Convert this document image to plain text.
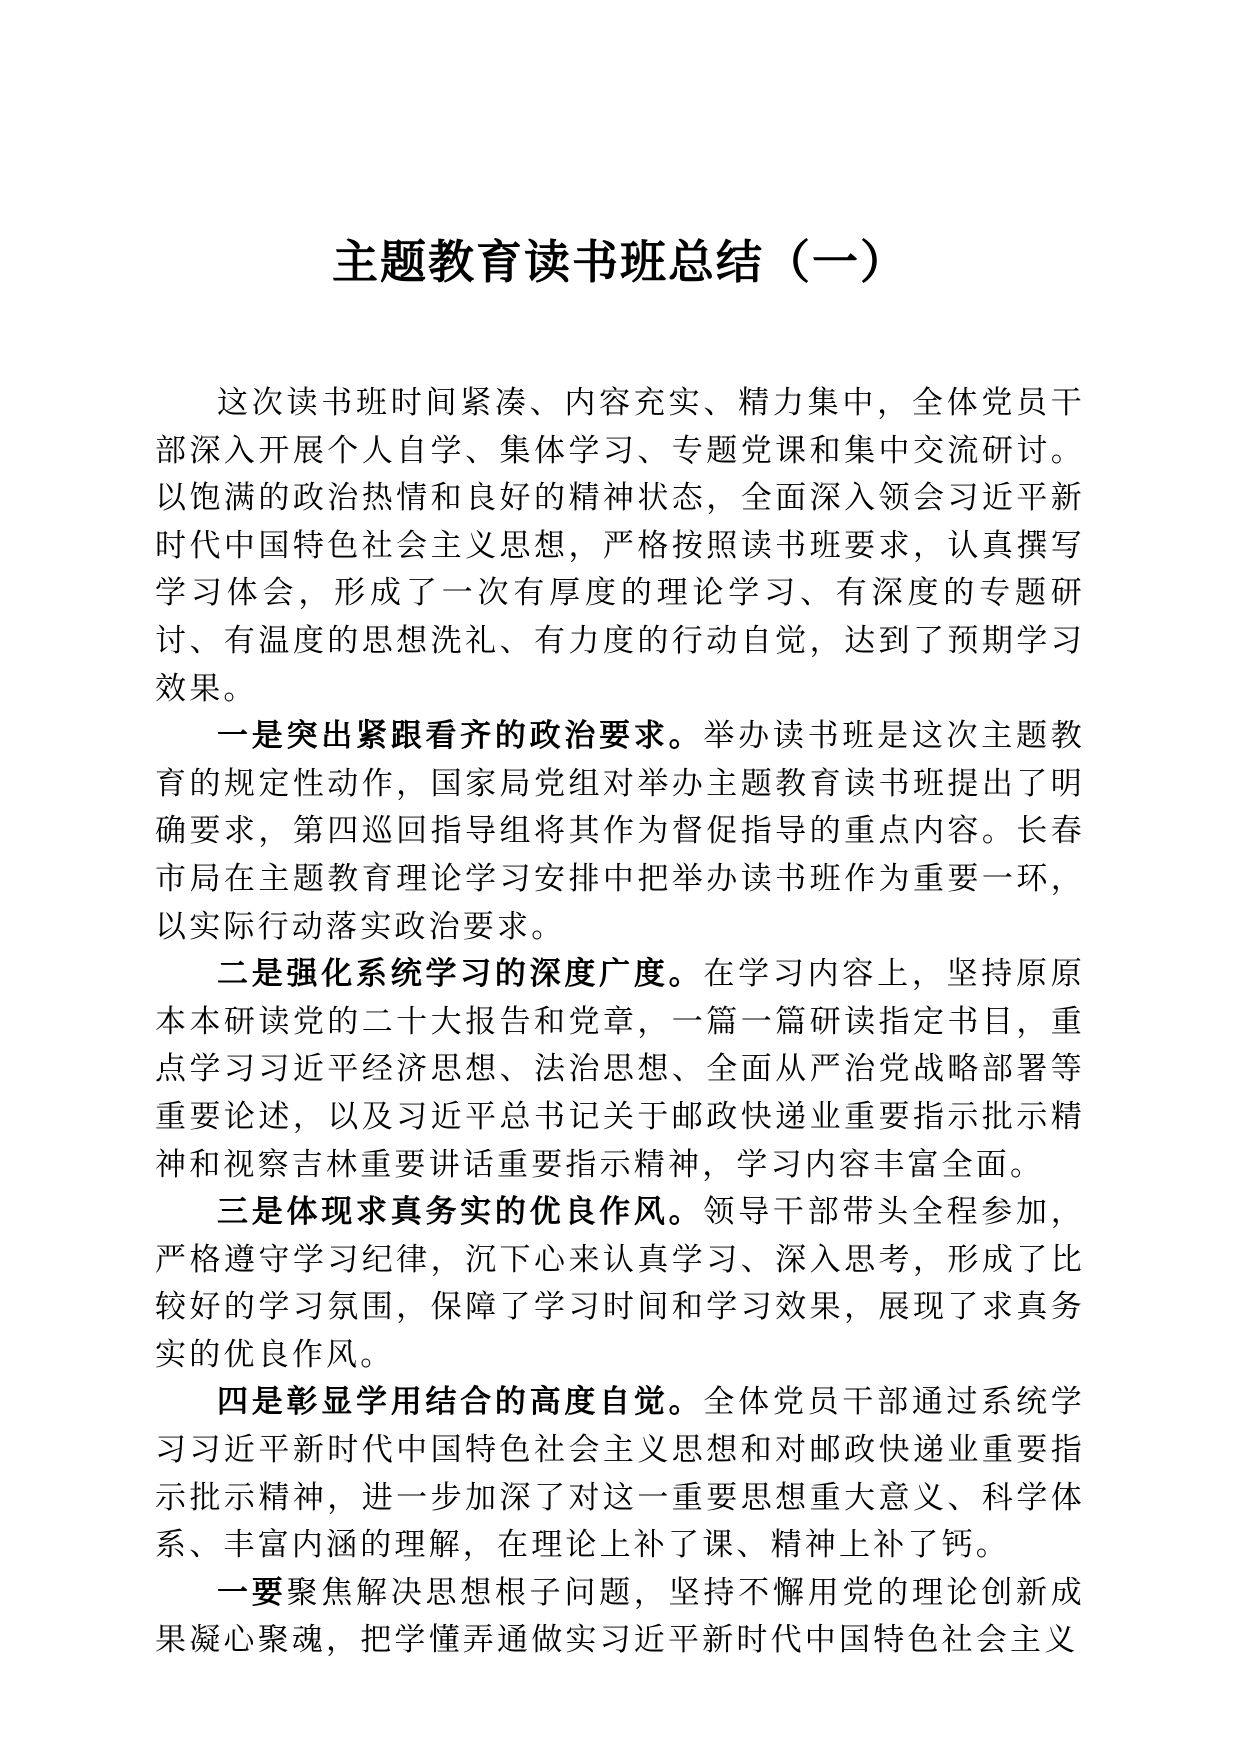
主题教育读书班总结（一）

这次读书班时间紧凑、内容充实、精力集中，全体党员干部深入开展个人自学、集体学习、专题党课和集中交流研讨。以饱满的政治热情和良好的精神状态，全面深入领会习近平新时代中国特色社会主义思想，严格按照读书班要求，认真撰写学习体会，形成了一次有厚度的理论学习、有深度的专题研讨、有温度的思想洗礼、有力度的行动自觉，达到了预期学习效果。

一是突出紧跟看齐的政治要求。举办读书班是这次主题教育的规定性动作，国家局党组对举办主题教育读书班提出了明确要求，第四巡回指导组将其作为督促指导的重点内容。长春市局在主题教育理论学习安排中把举办读书班作为重要一环，以实际行动落实政治要求。

二是强化系统学习的深度广度。在学习内容上，坚持原原本本研读党的二十大报告和党章，一篇一篇研读指定书目，重点学习习近平经济思想、法治思想、全面从严治党战略部署等重要论述，以及习近平总书记关于邮政快递业重要指示批示精神和视察吉林重要讲话重要指示精神，学习内容丰富全面。

三是体现求真务实的优良作风。领导干部带头全程参加，严格遵守学习纪律，沉下心来认真学习、深入思考，形成了比较好的学习氛围，保障了学习时间和学习效果，展现了求真务实的优良作风。

四是彰显学用结合的高度自觉。全体党员干部通过系统学习习近平新时代中国特色社会主义思想和对邮政快递业重要指示批示精神，进一步加深了对这一重要思想重大意义、科学体系、丰富内涵的理解，在理论上补了课、精神上补了钙。

一要聚焦解决思想根子问题，坚持不懈用党的理论创新成果凝心聚魂，把学懂弄通做实习近平新时代中国特色社会主义
